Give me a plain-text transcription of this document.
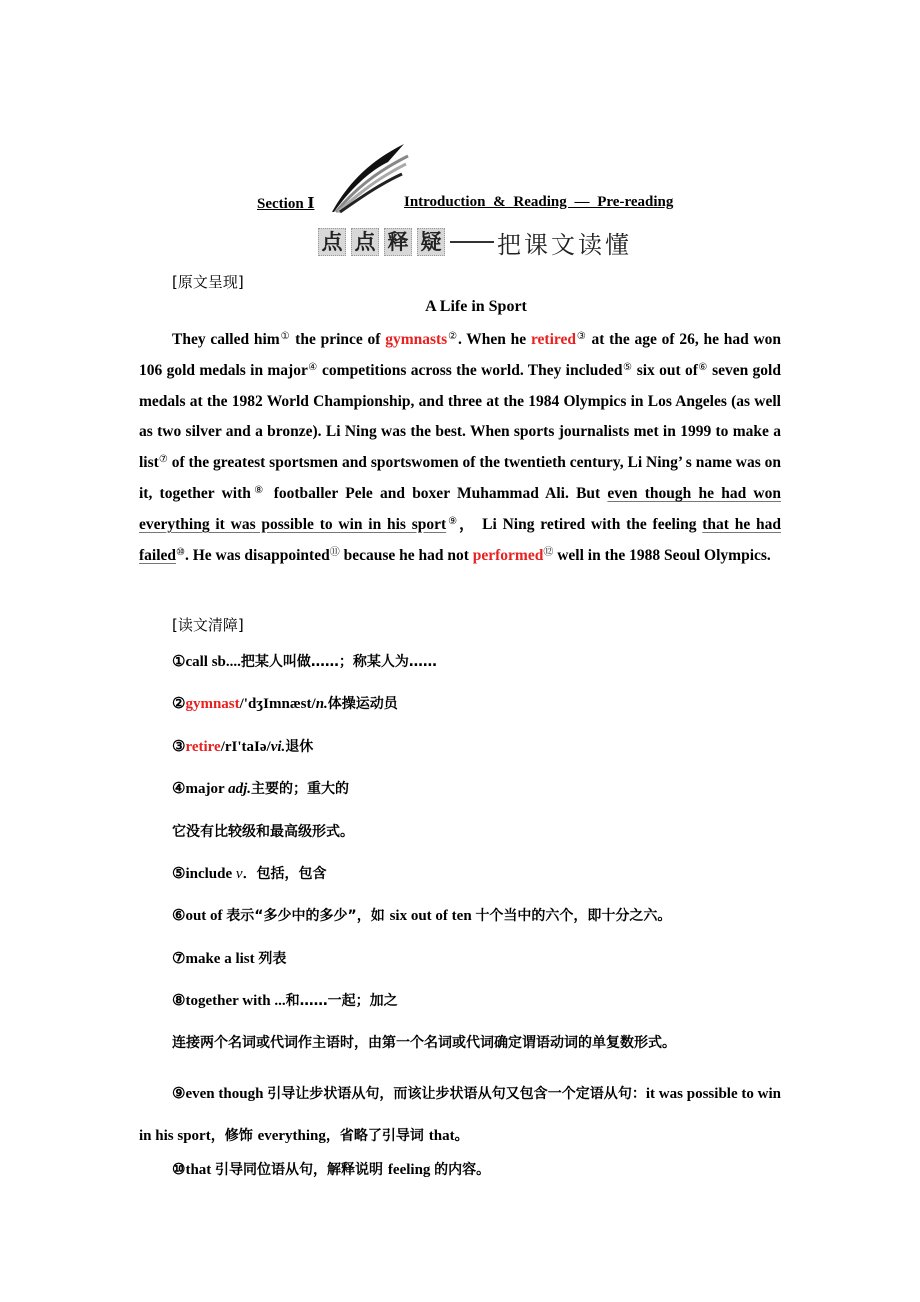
Section Ⅰ	Introduction & Reading — Pre-reading
点 点 释 疑 把课文读懂
[原文呈现]
A Life in Sport
They called him① the prince of gymnasts②. When he retired③ at the age of 26, he had won 106 gold medals in major④ competitions across the world. They included⑤ six out of⑥ seven gold medals at the 1982 World Championship, and three at the 1984 Olympics in Los Angeles (as well as two silver and a bronze). Li Ning was the best. When sports journalists met in 1999 to make a list⑦ of the greatest sportsmen and sportswomen of the twentieth century, Li Ning’ s name was on it, together with⑧ footballer Pele and boxer Muhammad Ali. But even though he had won everything it was possible to win in his sport⑨， Li Ning retired with the feeling that he had failed⑩. He was disappointed⑪ because he had not performed⑫ well in the 1988 Seoul Olympics.
[读文清障]
①call sb....把某人叫做……；称某人为……
②gymnast/'dʒImnæst/n.体操运动员
③retire/rI'taIə/vi.退休
④major adj.主要的；重大的
它没有比较级和最高级形式。
⑤include v．包括，包含
⑥out of 表示“多少中的多少”，如 six out of ten 十个当中的六个，即十分之六。
⑦make a list 列表
⑧together with ...和……一起；加之
连接两个名词或代词作主语时，由第一个名词或代词确定谓语动词的单复数形式。
⑨even though 引导让步状语从句，而该让步状语从句又包含一个定语从句：it was possible to win in his sport，修饰 everything，省略了引导词 that。
⑩that 引导同位语从句，解释说明 feeling 的内容。
